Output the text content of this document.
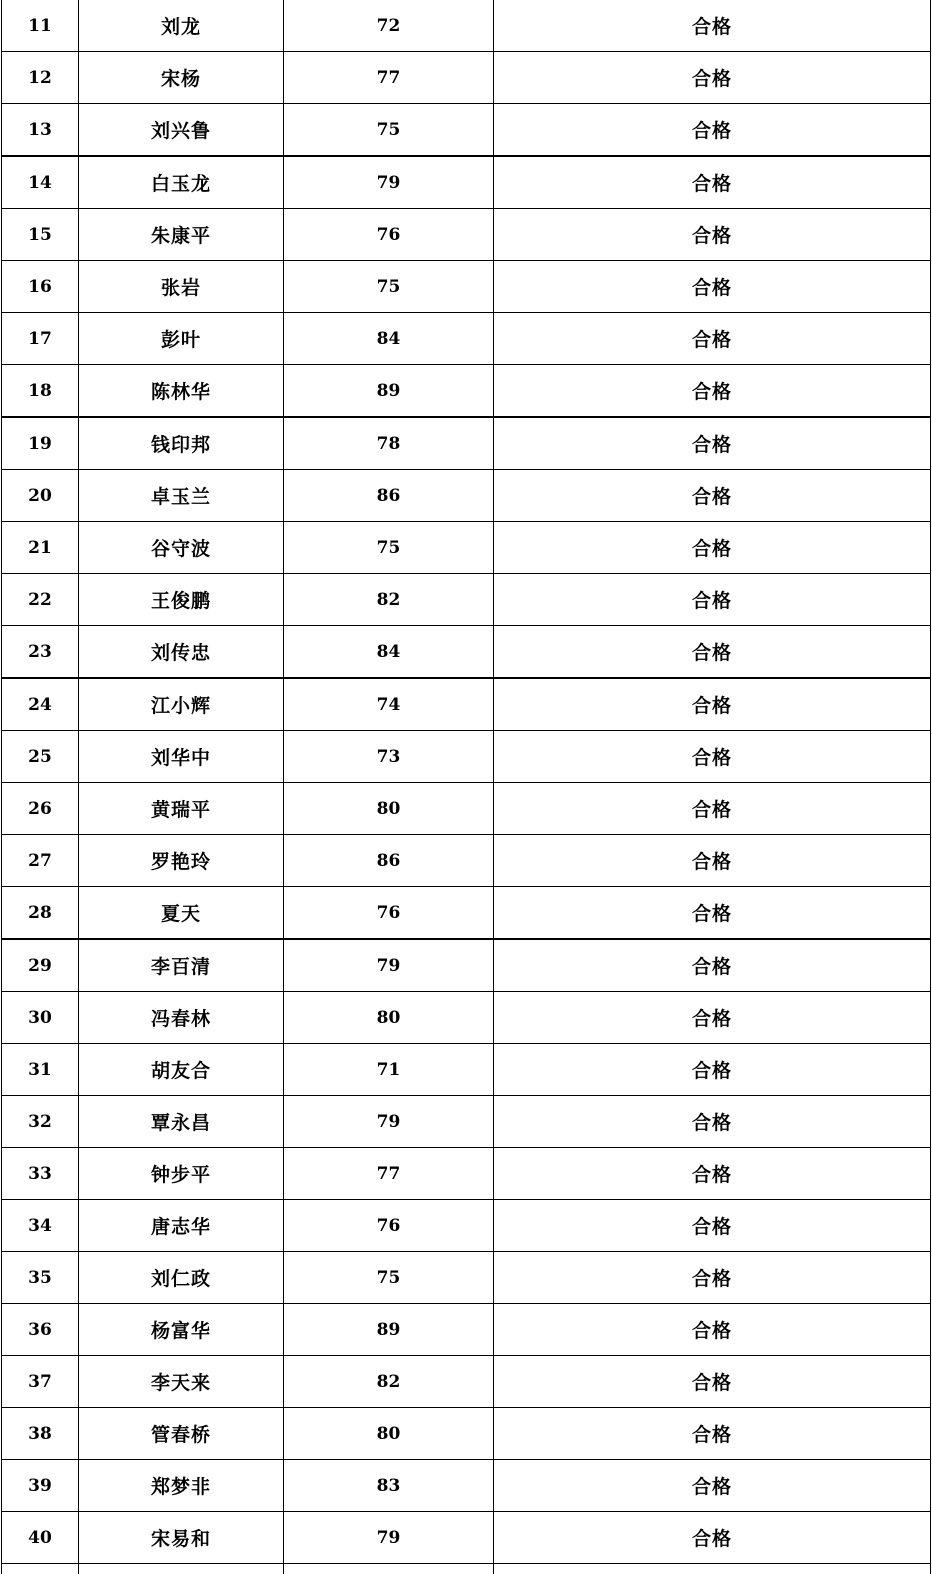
11	刘龙	72	合格
12	宋杨	77	合格
13	刘兴鲁	75	合格
14	白玉龙	79	合格
15	朱康平	76	合格
16	张岩	75	合格
17	彭叶	84	合格
18	陈林华	89	合格
19	钱印邦	78	合格
20	卓玉兰	86	合格
21	谷守波	75	合格
22	王俊鹏	82	合格
23	刘传忠	84	合格
24	江小辉	74	合格
25	刘华中	73	合格
26	黄瑞平	80	合格
27	罗艳玲	86	合格
28	夏天	76	合格
29	李百清	79	合格
30	冯春林	80	合格
31	胡友合	71	合格
32	覃永昌	79	合格
33	钟步平	77	合格
34	唐志华	76	合格
35	刘仁政	75	合格
36	杨富华	89	合格
37	李天来	82	合格
38	管春桥	80	合格
39	郑梦非	83	合格
40	宋易和	79	合格
